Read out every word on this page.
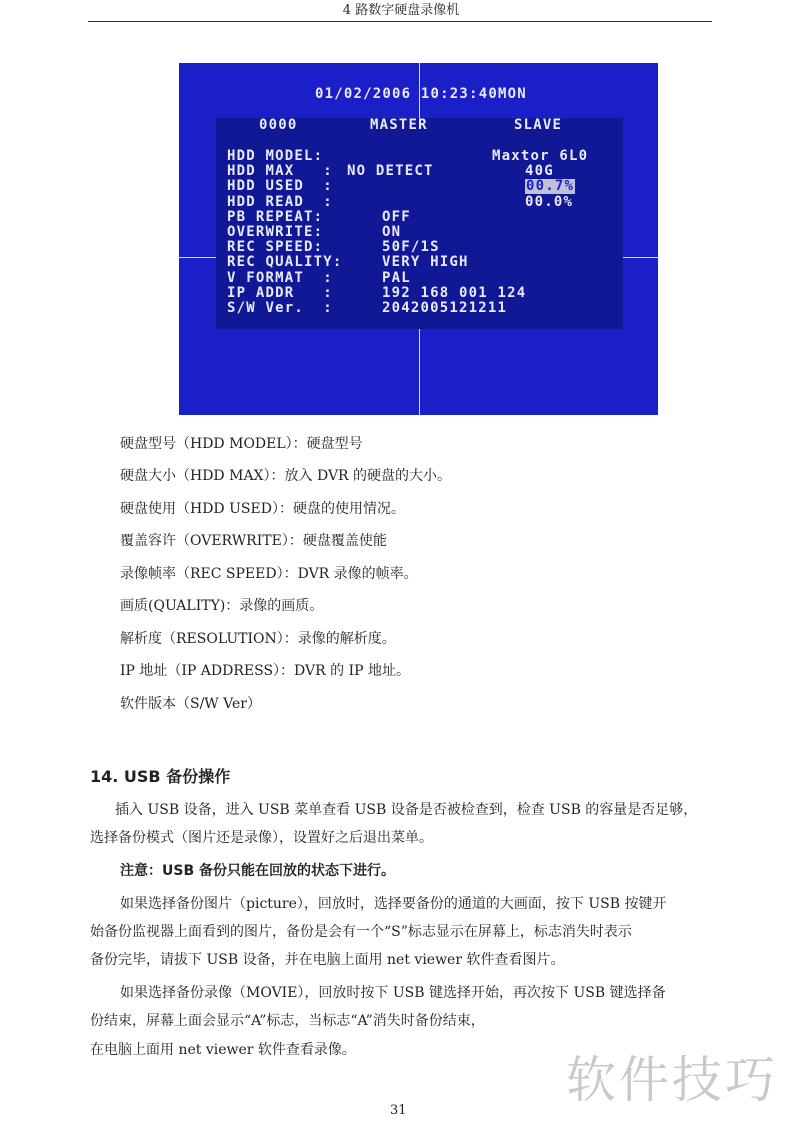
4 路数字硬盘录像机
01/02/2006 10:23:40MON
0000	MASTER	SLAVE
HDD MODEL:	Maxtor 6L0
HDD MAX   : NO DETECT	40G
HDD USED  :	00.7%
HDD READ  :	00.0%
PB REPEAT:	OFF
OVERWRITE:	ON
REC SPEED:	50F/1S
REC QUALITY:	VERY HIGH
V FORMAT  :	PAL
IP ADDR   :	192 168 001 124
S/W Ver.  :	2042005121211
硬盘型号（HDD MODEL）：硬盘型号
硬盘大小（HDD MAX）：放入 DVR 的硬盘的大小。
硬盘使用（HDD USED）：硬盘的使用情况。
覆盖容许（OVERWRITE）：硬盘覆盖使能
录像帧率（REC SPEED）：DVR 录像的帧率。
画质(QUALITY)：录像的画质。
解析度（RESOLUTION）：录像的解析度。
IP 地址（IP ADDRESS）：DVR 的 IP 地址。
软件版本（S/W Ver）
14. USB 备份操作
插入 USB 设备，进入 USB 菜单查看 USB 设备是否被检查到，检查 USB 的容量是否足够，
选择备份模式（图片还是录像），设置好之后退出菜单。
注意：USB 备份只能在回放的状态下进行。
如果选择备份图片（picture），回放时，选择要备份的通道的大画面，按下 USB 按键开
始备份监视器上面看到的图片，备份是会有一个“S”标志显示在屏幕上，标志消失时表示
备份完毕，请拔下 USB 设备，并在电脑上面用 net viewer 软件查看图片。
如果选择备份录像（MOVIE），回放时按下 USB 键选择开始，再次按下 USB 键选择备
份结束，屏幕上面会显示“A”标志，当标志“A”消失时备份结束，
在电脑上面用 net viewer 软件查看录像。
软件技巧
31
